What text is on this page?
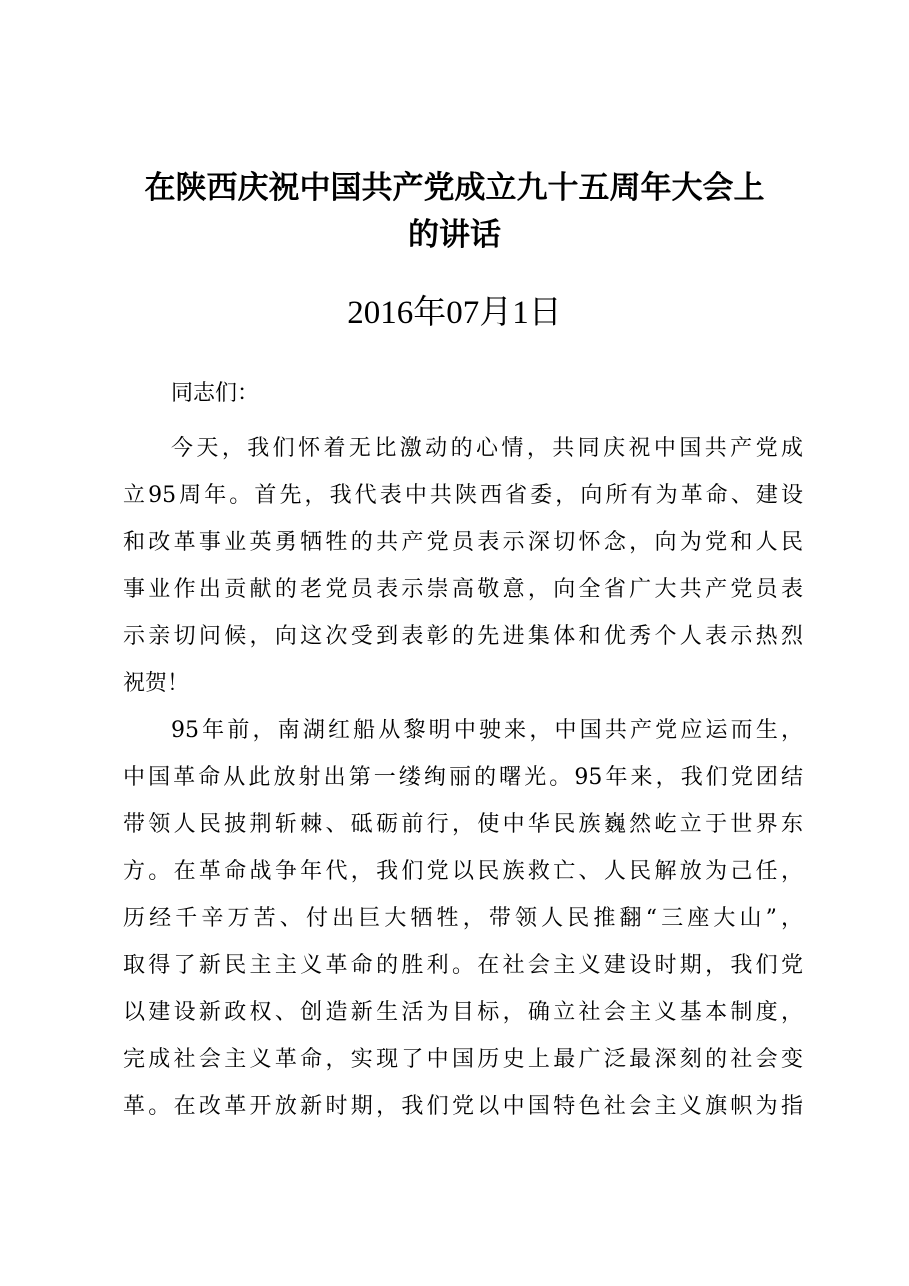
在陕西庆祝中国共产党成立九十五周年大会上
的讲话
2016年07月1日
同志们：
今天，我们怀着无比激动的心情，共同庆祝中国共产党成
立95周年。首先，我代表中共陕西省委，向所有为革命、建设
和改革事业英勇牺牲的共产党员表示深切怀念，向为党和人民
事业作出贡献的老党员表示崇高敬意，向全省广大共产党员表
示亲切问候，向这次受到表彰的先进集体和优秀个人表示热烈
祝贺！
95年前，南湖红船从黎明中驶来，中国共产党应运而生，
中国革命从此放射出第一缕绚丽的曙光。95年来，我们党团结
带领人民披荆斩棘、砥砺前行，使中华民族巍然屹立于世界东
方。在革命战争年代，我们党以民族救亡、人民解放为己任，
历经千辛万苦、付出巨大牺牲，带领人民推翻“三座大山”，
取得了新民主主义革命的胜利。在社会主义建设时期，我们党
以建设新政权、创造新生活为目标，确立社会主义基本制度，
完成社会主义革命，实现了中国历史上最广泛最深刻的社会变
革。在改革开放新时期，我们党以中国特色社会主义旗帜为指
